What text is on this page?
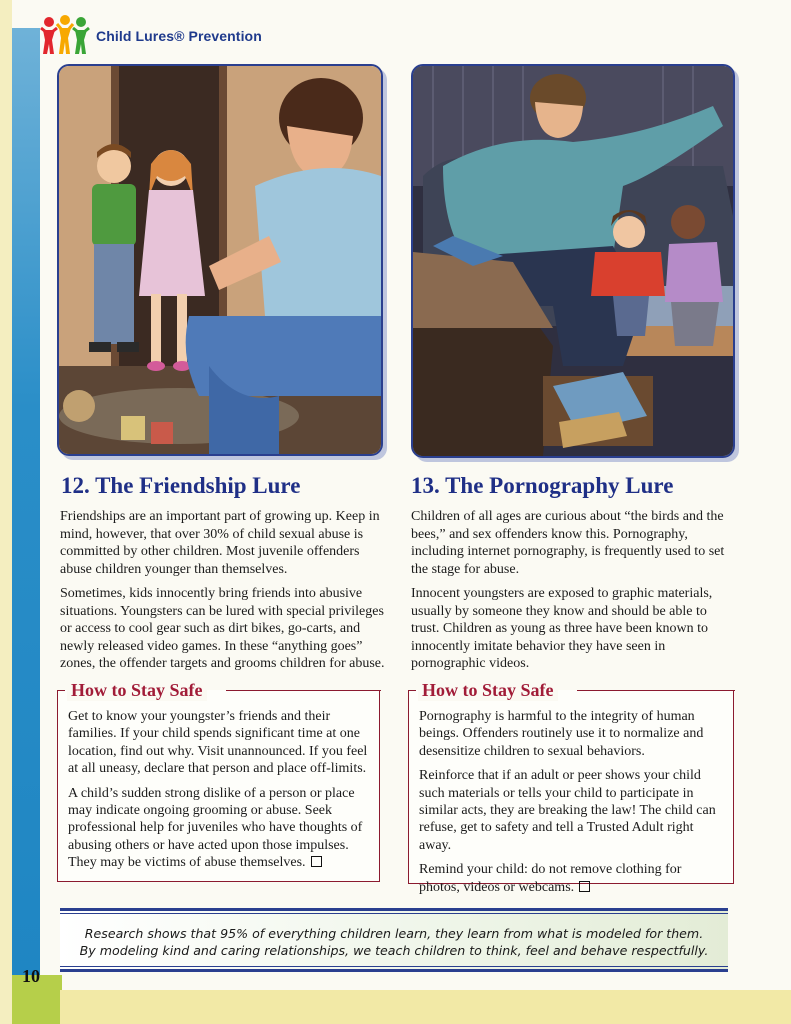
10
Child Lures® Prevention
12. The Friendship Lure	13. The Pornography Lure

Friendships are an important part of growing up. Keep in mind, however, that over 30% of child sexual abuse is committed by other children. Most juvenile offenders abuse children younger than themselves.

Sometimes, kids innocently bring friends into abusive situations. Youngsters can be lured with special privileges or access to cool gear such as dirt bikes, go-carts, and newly released video games. In these “anything goes” zones, the offender targets and grooms children for abuse.

Children of all ages are curious about “the birds and the bees,” and sex offenders know this. Pornography, including internet pornography, is frequently used to set the stage for abuse.

Innocent youngsters are exposed to graphic materials, usually by someone they know and should be able to trust. Children as young as three have been known to innocently imitate behavior they have seen in pornographic videos.

How to Stay Safe

Get to know your youngster’s friends and their families. If your child spends significant time at one location, find out why. Visit unannounced. If you feel at all uneasy, declare that person and place off-limits.

A child’s sudden strong dislike of a person or place may indicate ongoing grooming or abuse. Seek professional help for juveniles who have thoughts of abusing others or have acted upon those impulses. They may be victims of abuse themselves.

How to Stay Safe

Pornography is harmful to the integrity of human beings. Offenders routinely use it to normalize and desensitize children to sexual behaviors.

Reinforce that if an adult or peer shows your child such materials or tells your child to participate in similar acts, they are breaking the law! The child can refuse, get to safety and tell a Trusted Adult right away.

Remind your child: do not remove clothing for photos, videos or webcams.

Research shows that 95% of everything children learn, they learn from what is modeled for them.
By modeling kind and caring relationships, we teach children to think, feel and behave respectfully.
